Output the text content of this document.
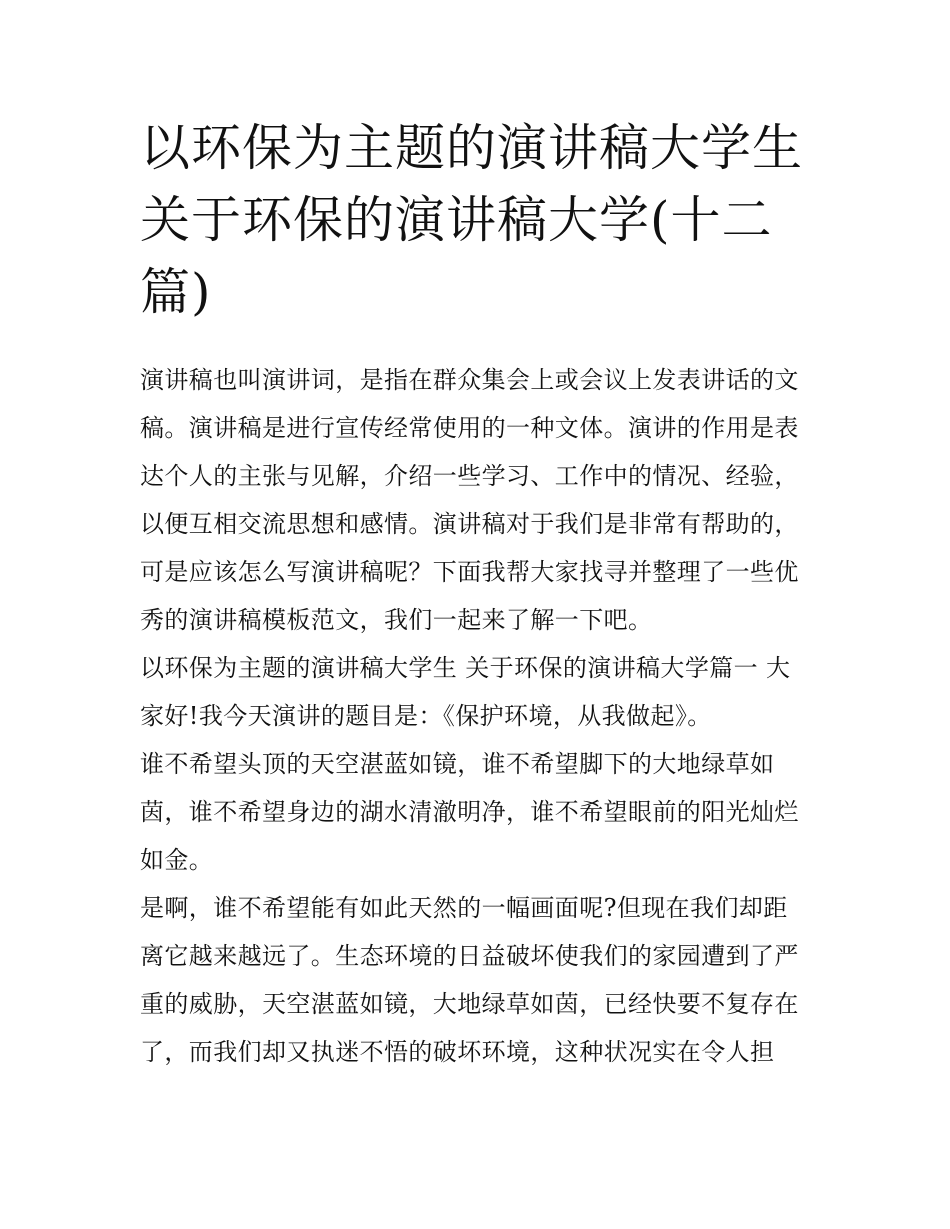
以环保为主题的演讲稿大学生
关于环保的演讲稿大学(十二
篇)

演讲稿也叫演讲词，是指在群众集会上或会议上发表讲话的文
稿。演讲稿是进行宣传经常使用的一种文体。演讲的作用是表
达个人的主张与见解，介绍一些学习、工作中的情况、经验，
以便互相交流思想和感情。演讲稿对于我们是非常有帮助的，
可是应该怎么写演讲稿呢？下面我帮大家找寻并整理了一些优
秀的演讲稿模板范文，我们一起来了解一下吧。

以环保为主题的演讲稿大学生 关于环保的演讲稿大学篇一 大
家好!我今天演讲的题目是：《保护环境，从我做起》。

谁不希望头顶的天空湛蓝如镜，谁不希望脚下的大地绿草如
茵，谁不希望身边的湖水清澈明净，谁不希望眼前的阳光灿烂
如金。

是啊，谁不希望能有如此天然的一幅画面呢?但现在我们却距
离它越来越远了。生态环境的日益破坏使我们的家园遭到了严
重的威胁，天空湛蓝如镜，大地绿草如茵，已经快要不复存在
了，而我们却又执迷不悟的破坏环境，这种状况实在令人担
